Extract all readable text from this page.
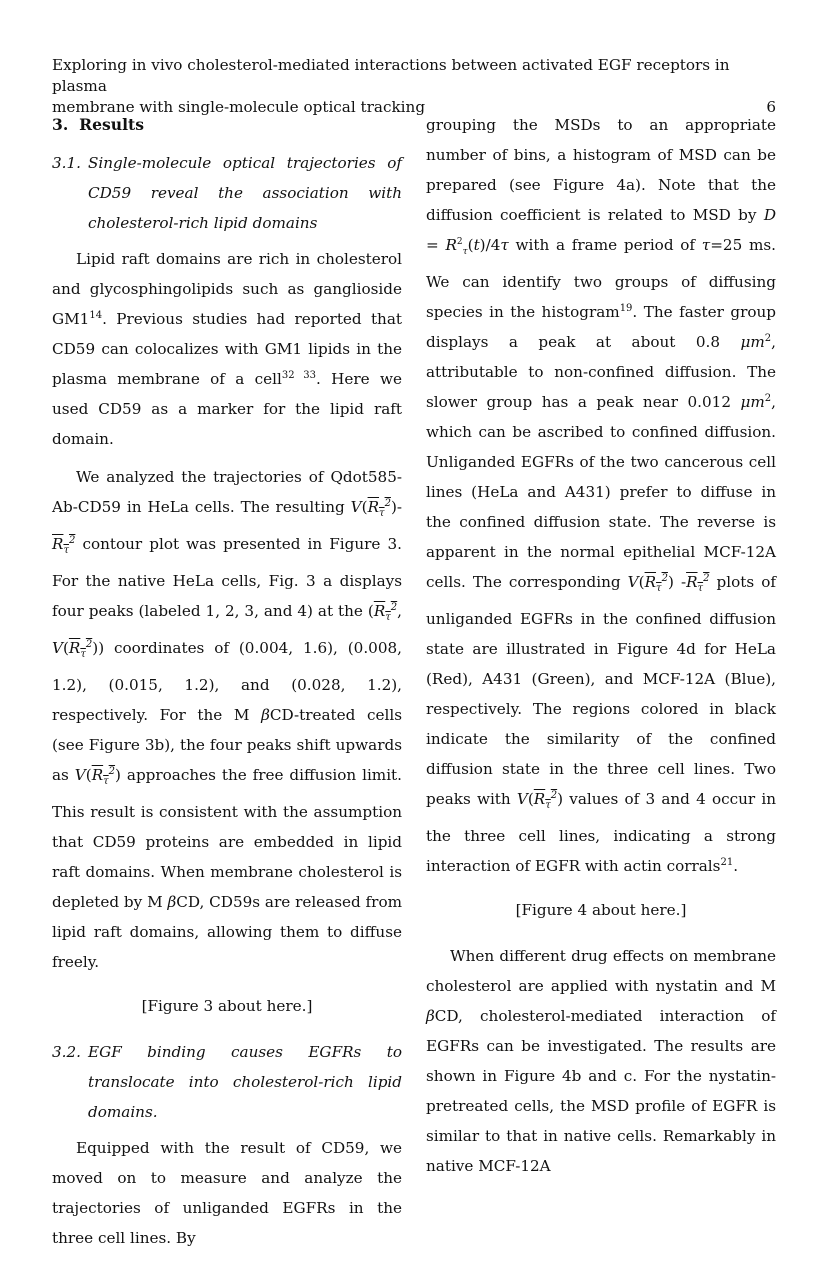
Exploring in vivo cholesterol-mediated interactions between activated EGF receptors in plasma
membrane with single-molecule optical tracking	6
3. Results
3.1. Single-molecule optical trajectories of CD59 reveal the association with cholesterol-rich lipid domains

Lipid raft domains are rich in cholesterol and glycosphingolipids such as ganglioside $GM1^{14}$. Previous studies had reported that CD59 can colocalizes with GM1 lipids in the plasma membrane of a cell$^{32 33}$. Here we used CD59 as a marker for the lipid raft domain.

We analyzed the trajectories of Qdot585-Ab-CD59 in HeLa cells. The resulting $V(R_\tau^2)-R_\tau^2$ contour plot was presented in Figure 3. For the native HeLa cells, Fig. 3 a displays four peaks (labeled 1, 2, 3, and 4) at the ($R_\tau^2$, $V(R_\tau^2)$) coordinates of (0.004, 1.6), (0.008, 1.2), (0.015, 1.2), and (0.028, 1.2), respectively. For the M βCD-treated cells (see Figure 3b), the four peaks shift upwards as $V(R_\tau^2)$ approaches the free diffusion limit. This result is consistent with the assumption that CD59 proteins are embedded in lipid raft domains. When membrane cholesterol is depleted by M βCD, CD59s are released from lipid raft domains, allowing them to diffuse freely.

[Figure 3 about here.]
3.2. EGF binding causes EGFRs to translocate into cholesterol-rich lipid domains.

Equipped with the result of CD59, we moved on to measure and analyze the trajectories of unliganded EGFRs in the three cell lines. By

grouping the MSDs to an appropriate number of bins, a histogram of MSD can be prepared (see Figure 4a). Note that the diffusion coefficient is related to MSD by $D = R^2_\tau(t)/4\tau$ with a frame period of τ=25 ms. We can identify two groups of diffusing species in the histogram$^{19}$. The faster group displays a peak at about 0.8 $\mu m^2$, attributable to non-confined diffusion. The slower group has a peak near 0.012 $\mu m^2$, which can be ascribed to confined diffusion. Unliganded EGFRs of the two cancerous cell lines (HeLa and A431) prefer to diffuse in the confined diffusion state. The reverse is apparent in the normal epithelial MCF-12A cells. The corresponding $V(R_\tau^2)$ $-R_\tau^2$ plots of unliganded EGFRs in the confined diffusion state are illustrated in Figure 4d for HeLa (Red), A431 (Green), and MCF-12A (Blue), respectively. The regions colored in black indicate the similarity of the confined diffusion state in the three cell lines. Two peaks with $V(R_\tau^2)$ values of 3 and 4 occur in the three cell lines, indicating a strong interaction of EGFR with actin corrals$^{21}$.

[Figure 4 about here.]

When different drug effects on membrane cholesterol are applied with nystatin and M βCD, cholesterol-mediated interaction of EGFRs can be investigated. The results are shown in Figure 4b and c. For the nystatin-pretreated cells, the MSD profile of EGFR is similar to that in native cells. Remarkably in native MCF-12A
